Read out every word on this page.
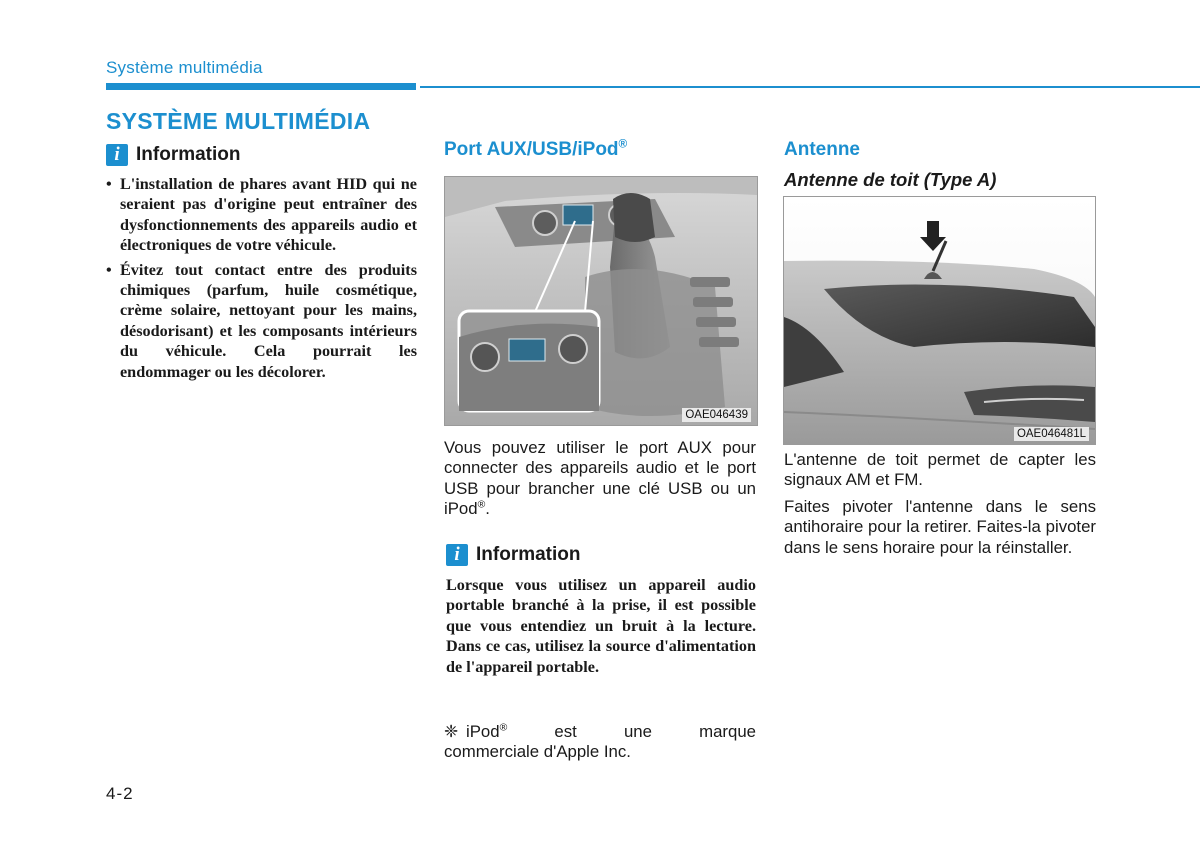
Système multimédia
SYSTÈME MULTIMÉDIA
i Information
• L'installation de phares avant HID qui ne seraient pas d'origine peut entraîner des dysfonctionnements des appareils audio et électroniques de votre véhicule.
• Évitez tout contact entre des produits chimiques (parfum, huile cosmétique, crème solaire, nettoyant pour les mains, désodorisant) et les composants intérieurs du véhicule. Cela pourrait les endommager ou les décolorer.
Port AUX/USB/iPod®
OAE046439

Vous pouvez utiliser le port AUX pour connecter des appareils audio et le port USB pour brancher une clé USB ou un iPod®.

i Information
Lorsque vous utilisez un appareil audio portable branché à la prise, il est possible que vous entendiez un bruit à la lecture. Dans ce cas, utilisez la source d'alimentation de l'appareil portable.
❈ iPod®	est une marque
commerciale d'Apple Inc.
Antenne
Antenne de toit (Type A)
OAE046481L

L'antenne de toit permet de capter les signaux AM et FM.

Faites pivoter l'antenne dans le sens antihoraire pour la retirer. Faites-la pivoter dans le sens horaire pour la réinstaller.

4-2
